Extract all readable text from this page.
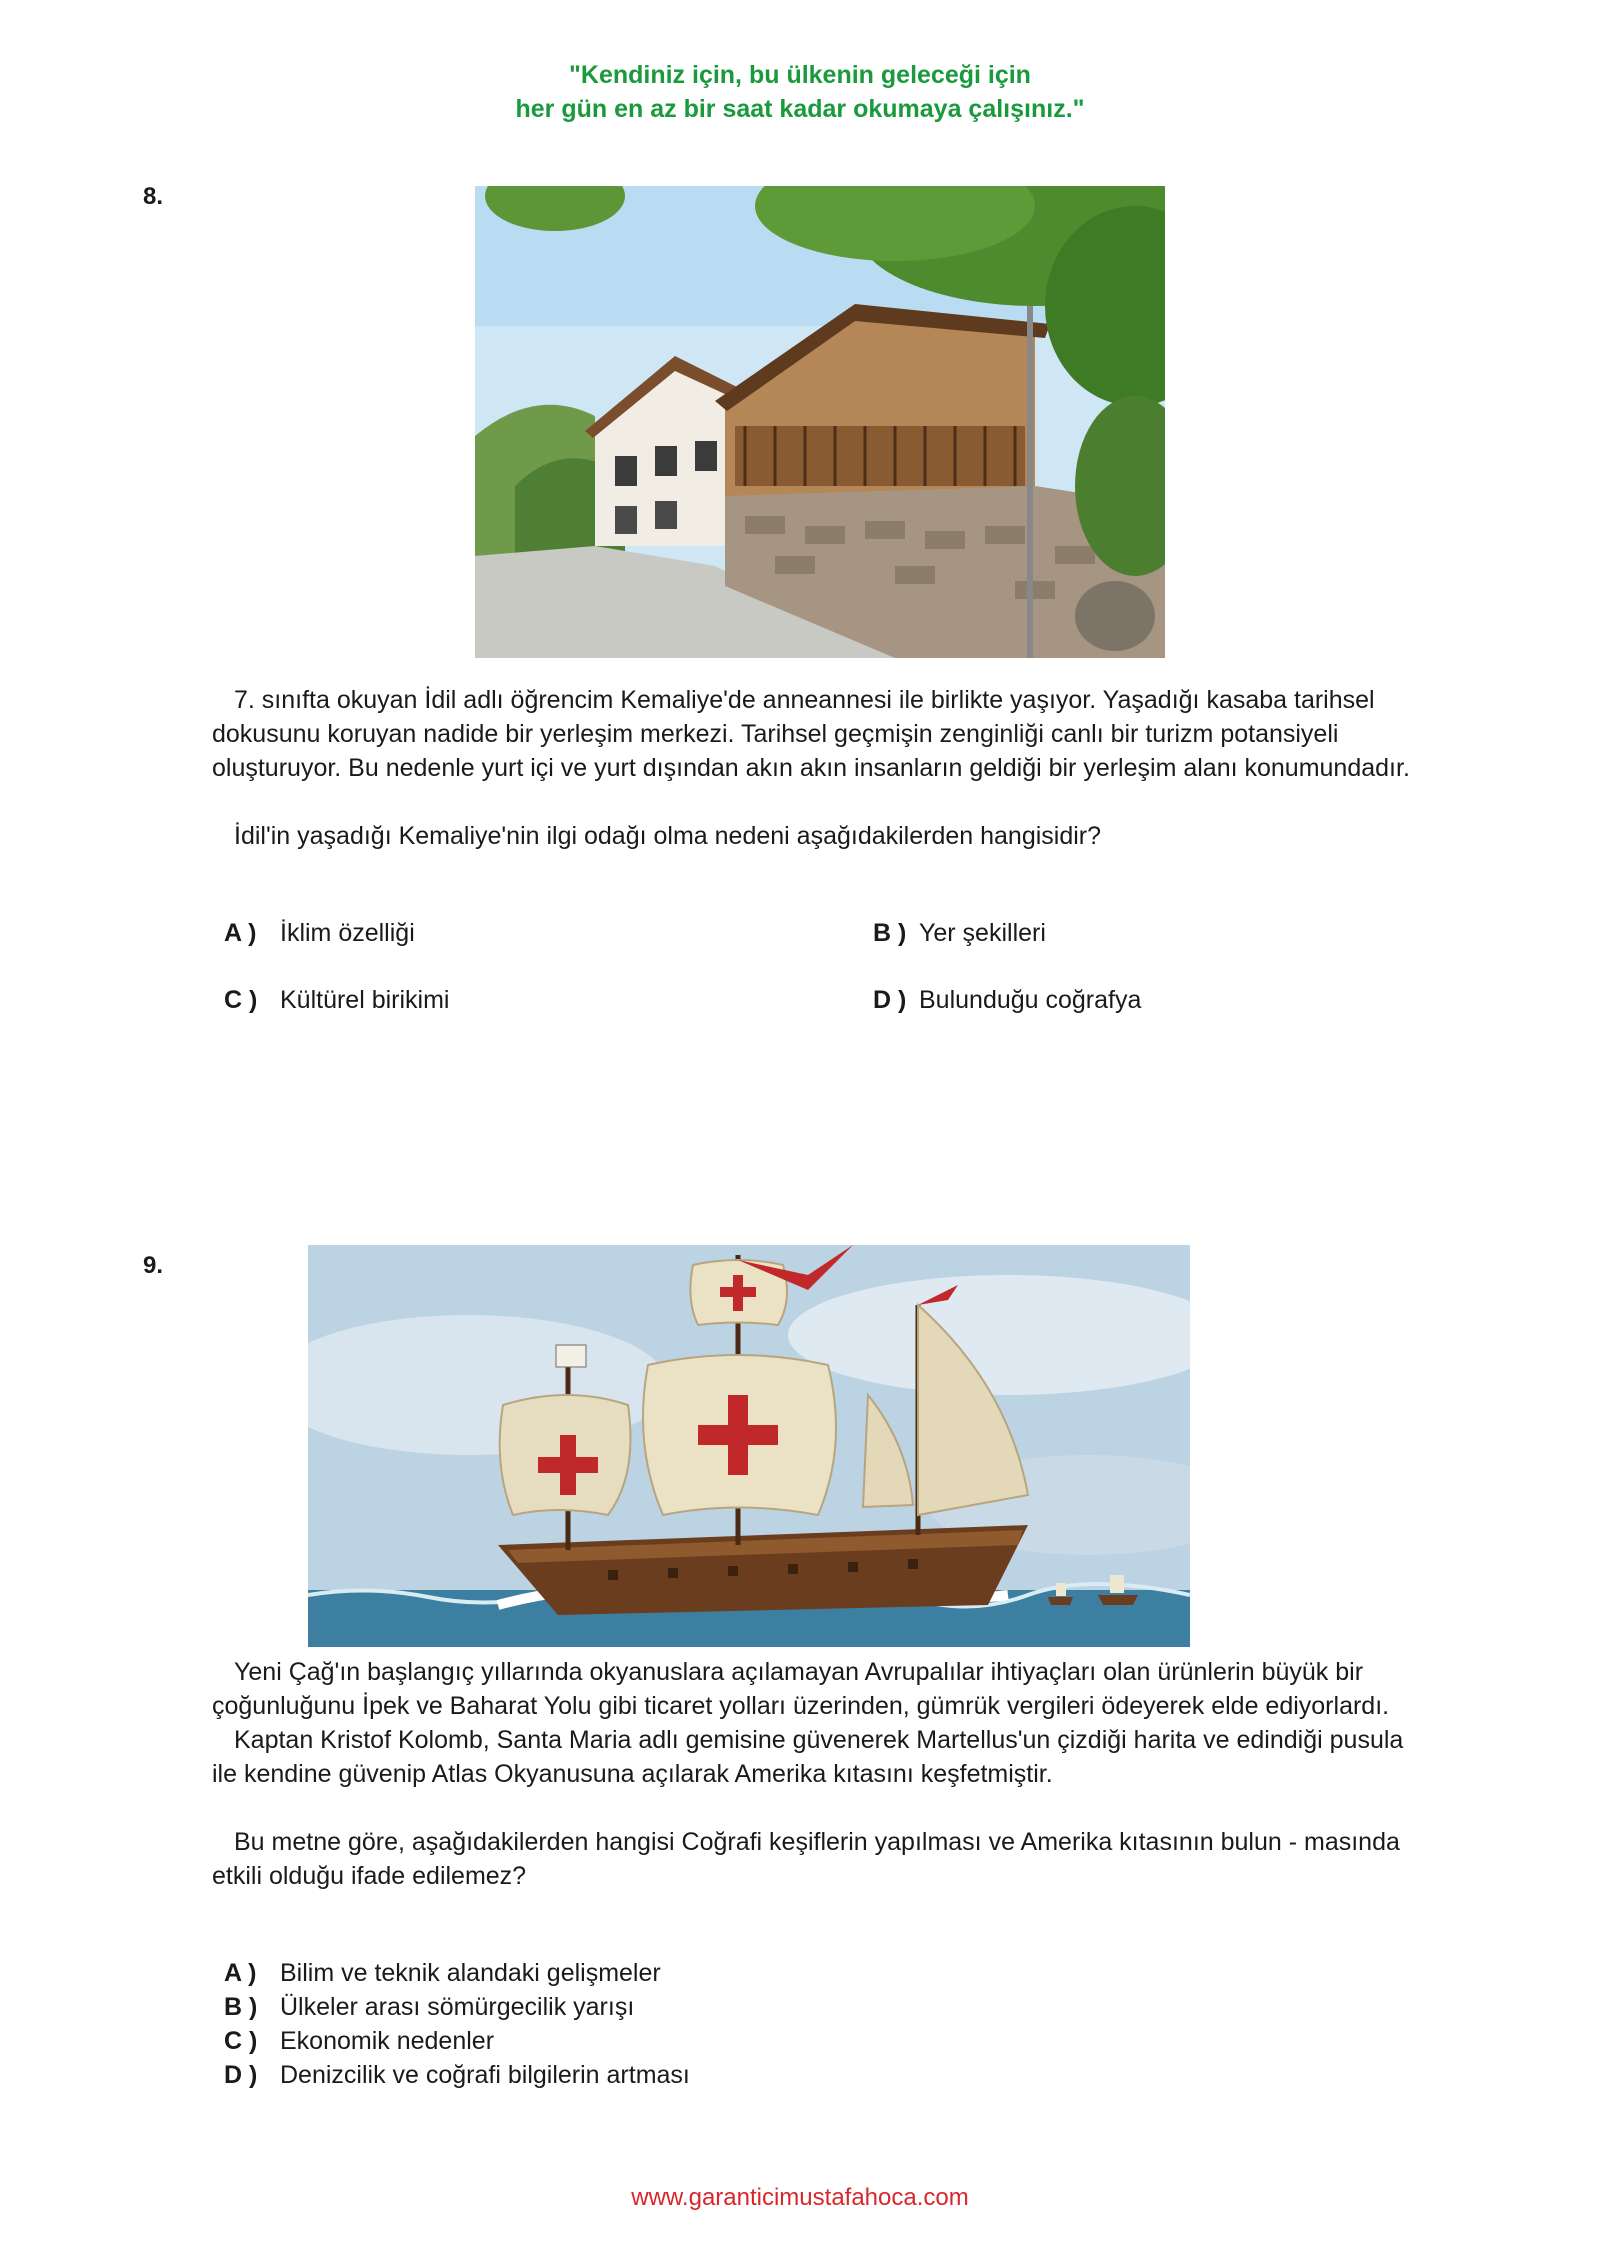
"Kendiniz için, bu ülkenin geleceği için
her gün en az bir saat kadar okumaya çalışınız."
8.

7. sınıfta okuyan İdil adlı öğrencim Kemaliye'de anneannesi ile birlikte yaşıyor. Yaşadığı kasaba tarihsel dokusunu koruyan nadide bir yerleşim merkezi. Tarihsel geçmişin zenginliği canlı bir turizm potansiyeli oluşturuyor. Bu nedenle yurt içi ve yurt dışından akın akın insanların geldiği bir yerleşim alanı konumundadır.

İdil'in yaşadığı Kemaliye'nin ilgi odağı olma nedeni aşağıdakilerden hangisidir?

A ) İklim özelliği	B ) Yer şekilleri
C ) Kültürel birikimi	D ) Bulunduğu coğrafya
9.

Yeni Çağ'ın başlangıç yıllarında okyanuslara açılamayan Avrupalılar ihtiyaçları olan ürünlerin büyük bir çoğunluğunu İpek ve Baharat Yolu gibi ticaret yolları üzerinden, gümrük vergileri ödeyerek elde ediyorlardı.

Kaptan Kristof Kolomb, Santa Maria adlı gemisine güvenerek Martellus'un çizdiği harita ve edindiği pusula ile kendine güvenip Atlas Okyanusuna açılarak Amerika kıtasını keşfetmiştir.

Bu metne göre, aşağıdakilerden hangisi Coğrafi keşiflerin yapılması ve Amerika kıtasının bulun - masında etkili olduğu ifade edilemez?

A ) Bilim ve teknik alandaki gelişmeler
B ) Ülkeler arası sömürgecilik yarışı
C ) Ekonomik nedenler
D ) Denizcilik ve coğrafi bilgilerin artması
www.garanticimustafahoca.com
